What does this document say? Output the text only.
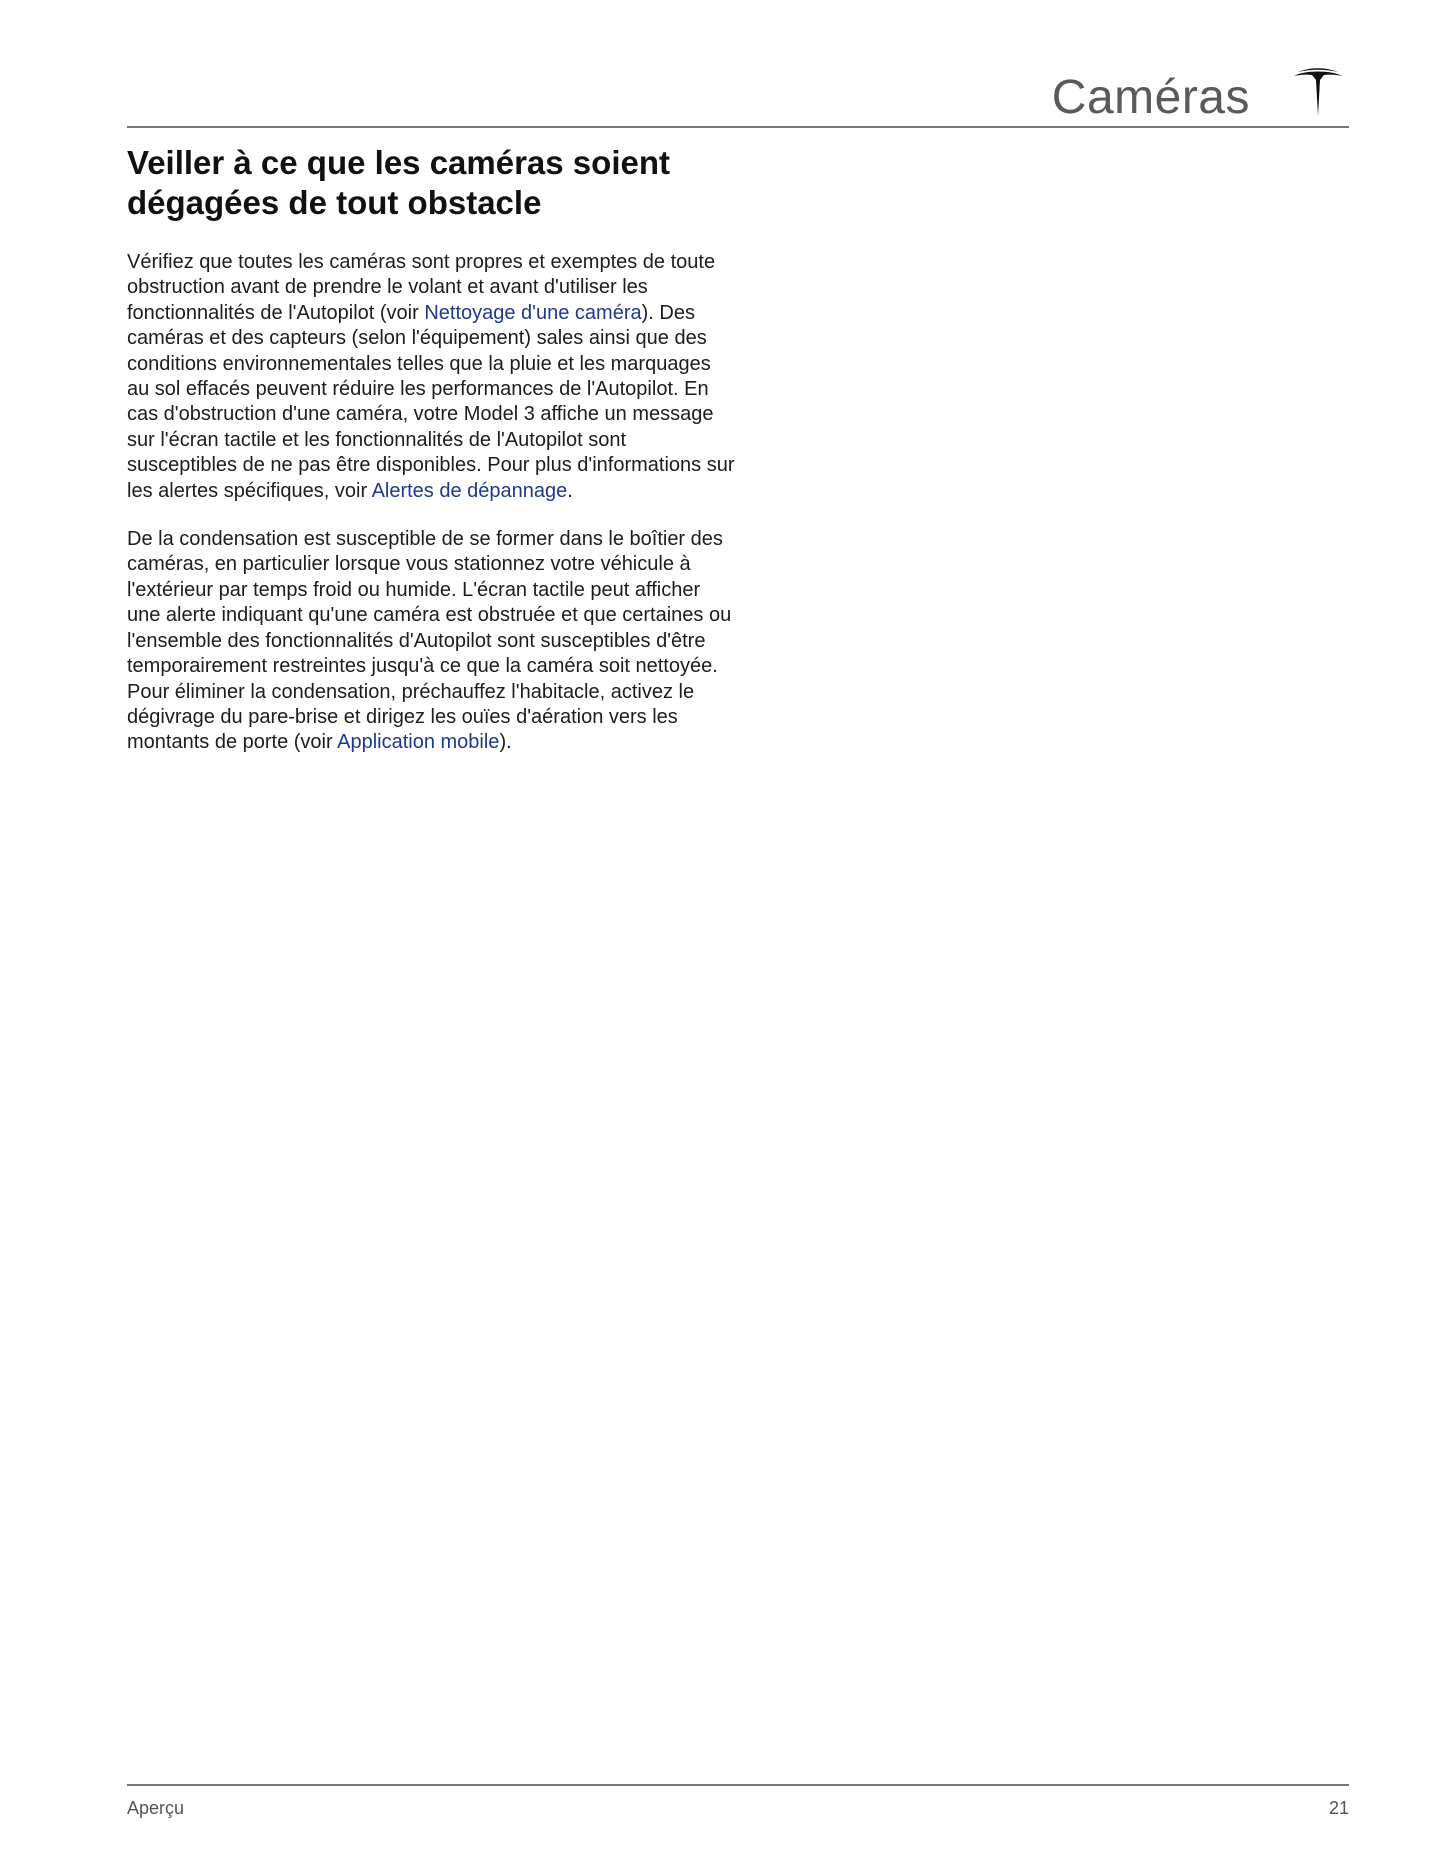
Caméras
Veiller à ce que les caméras soient dégagées de tout obstacle

Vérifiez que toutes les caméras sont propres et exemptes de toute obstruction avant de prendre le volant et avant d'utiliser les fonctionnalités de l'Autopilot (voir Nettoyage d'une caméra). Des caméras et des capteurs (selon l'équipement) sales ainsi que des conditions environnementales telles que la pluie et les marquages au sol effacés peuvent réduire les performances de l'Autopilot. En cas d'obstruction d'une caméra, votre Model 3 affiche un message sur l'écran tactile et les fonctionnalités de l'Autopilot sont susceptibles de ne pas être disponibles. Pour plus d'informations sur les alertes spécifiques, voir Alertes de dépannage.

De la condensation est susceptible de se former dans le boîtier des caméras, en particulier lorsque vous stationnez votre véhicule à l'extérieur par temps froid ou humide. L'écran tactile peut afficher une alerte indiquant qu'une caméra est obstruée et que certaines ou l'ensemble des fonctionnalités d'Autopilot sont susceptibles d'être temporairement restreintes jusqu'à ce que la caméra soit nettoyée. Pour éliminer la condensation, préchauffez l'habitacle, activez le dégivrage du pare-brise et dirigez les ouïes d'aération vers les montants de porte (voir Application mobile).

Aperçu	21
